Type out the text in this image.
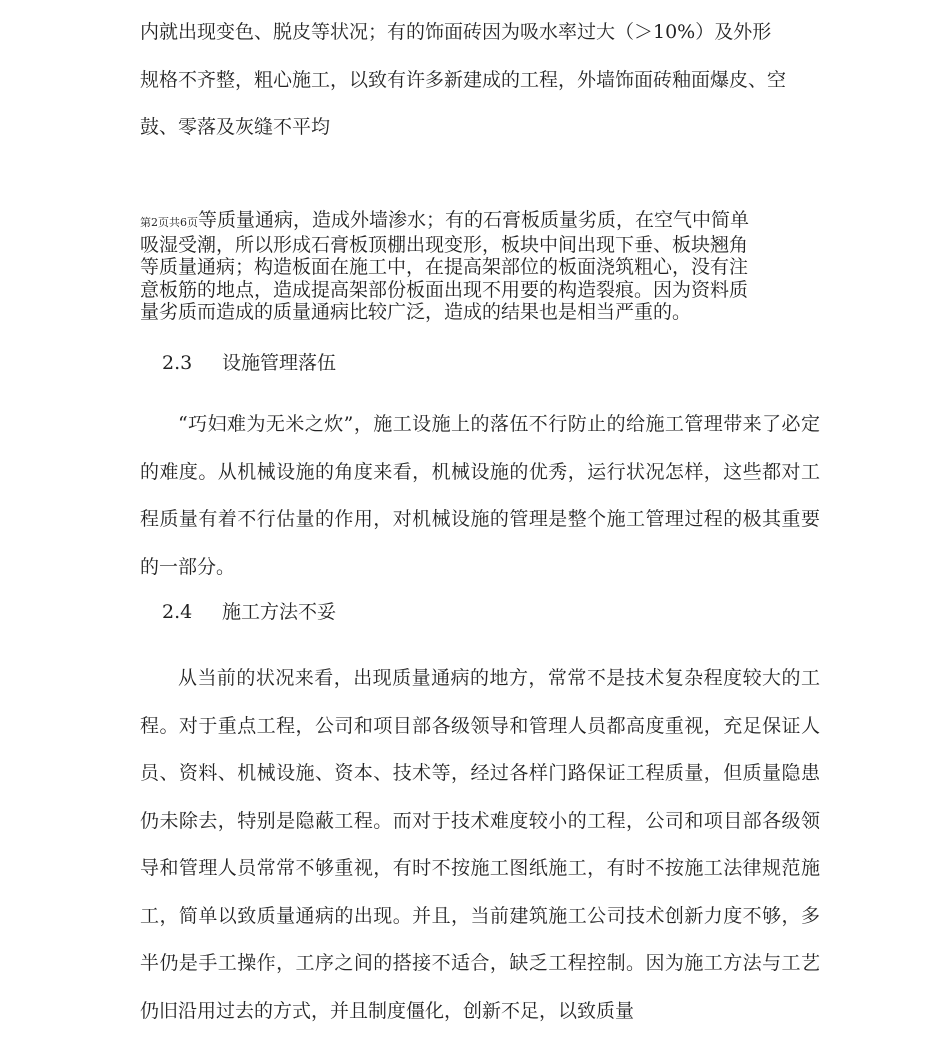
内就出现变色、脱皮等状况；有的饰面砖因为吸水率过大（＞10%）及外形
规格不齐整，粗心施工，以致有许多新建成的工程，外墙饰面砖釉面爆皮、空
鼓、零落及灰缝不平均
第2页共6页等质量通病，造成外墙渗水；有的石膏板质量劣质，在空气中简单
吸湿受潮，所以形成石膏板顶棚出现变形，板块中间出现下垂、板块翘角
等质量通病；构造板面在施工中，在提高架部位的板面浇筑粗心，没有注
意板筋的地点，造成提高架部份板面出现不用要的构造裂痕。因为资料质
量劣质而造成的质量通病比较广泛，造成的结果也是相当严重的。
2.3 设施管理落伍
“巧妇难为无米之炊”，施工设施上的落伍不行防止的给施工管理带来了必定的难度。从机械设施的角度来看，机械设施的优秀，运行状况怎样，这些都对工程质量有着不行估量的作用，对机械设施的管理是整个施工管理过程的极其重要的一部分。
2.4 施工方法不妥
从当前的状况来看，出现质量通病的地方，常常不是技术复杂程度较大的工程。对于重点工程，公司和项目部各级领导和管理人员都高度重视，充足保证人员、资料、机械设施、资本、技术等，经过各样门路保证工程质量，但质量隐患仍未除去，特别是隐蔽工程。而对于技术难度较小的工程，公司和项目部各级领导和管理人员常常不够重视，有时不按施工图纸施工，有时不按施工法律规范施工，简单以致质量通病的出现。并且，当前建筑施工公司技术创新力度不够，多半仍是手工操作，工序之间的搭接不适合，缺乏工程控制。因为施工方法与工艺仍旧沿用过去的方式，并且制度僵化，创新不足，以致质量
